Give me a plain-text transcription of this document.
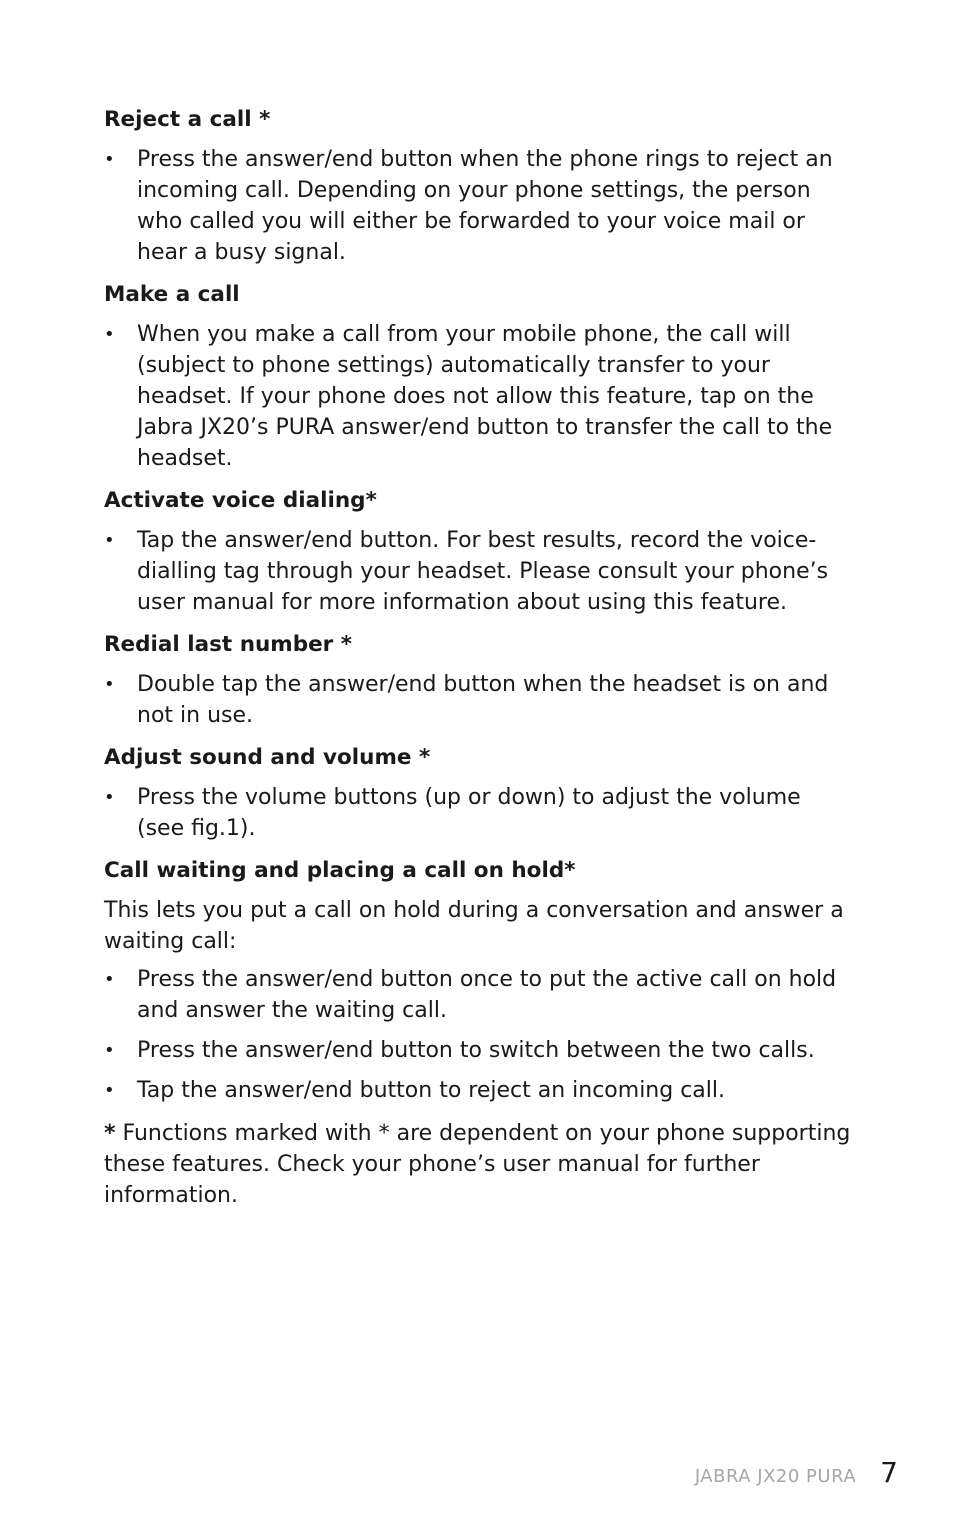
Reject a call *
• Press the answer/end button when the phone rings to reject an incoming call. Depending on your phone settings, the person who called you will either be forwarded to your voice mail or hear a busy signal.
Make a call
• When you make a call from your mobile phone, the call will (subject to phone settings) automatically transfer to your headset. If your phone does not allow this feature, tap on the Jabra JX20’s PURA answer/end button to transfer the call to the headset.
Activate voice dialing*
• Tap the answer/end button. For best results, record the voice-dialling tag through your headset. Please consult your phone’s user manual for more information about using this feature.
Redial last number *
• Double tap the answer/end button when the headset is on and not in use.
Adjust sound and volume *
• Press the volume buttons (up or down) to adjust the volume (see fig.1).
Call waiting and placing a call on hold*

This lets you put a call on hold during a conversation and answer a waiting call:

• Press the answer/end button once to put the active call on hold and answer the waiting call.
• Press the answer/end button to switch between the two calls.
• Tap the answer/end button to reject an incoming call.

* Functions marked with * are dependent on your phone supporting these features. Check your phone’s user manual for further information.

JABRA JX20 PURA 7
